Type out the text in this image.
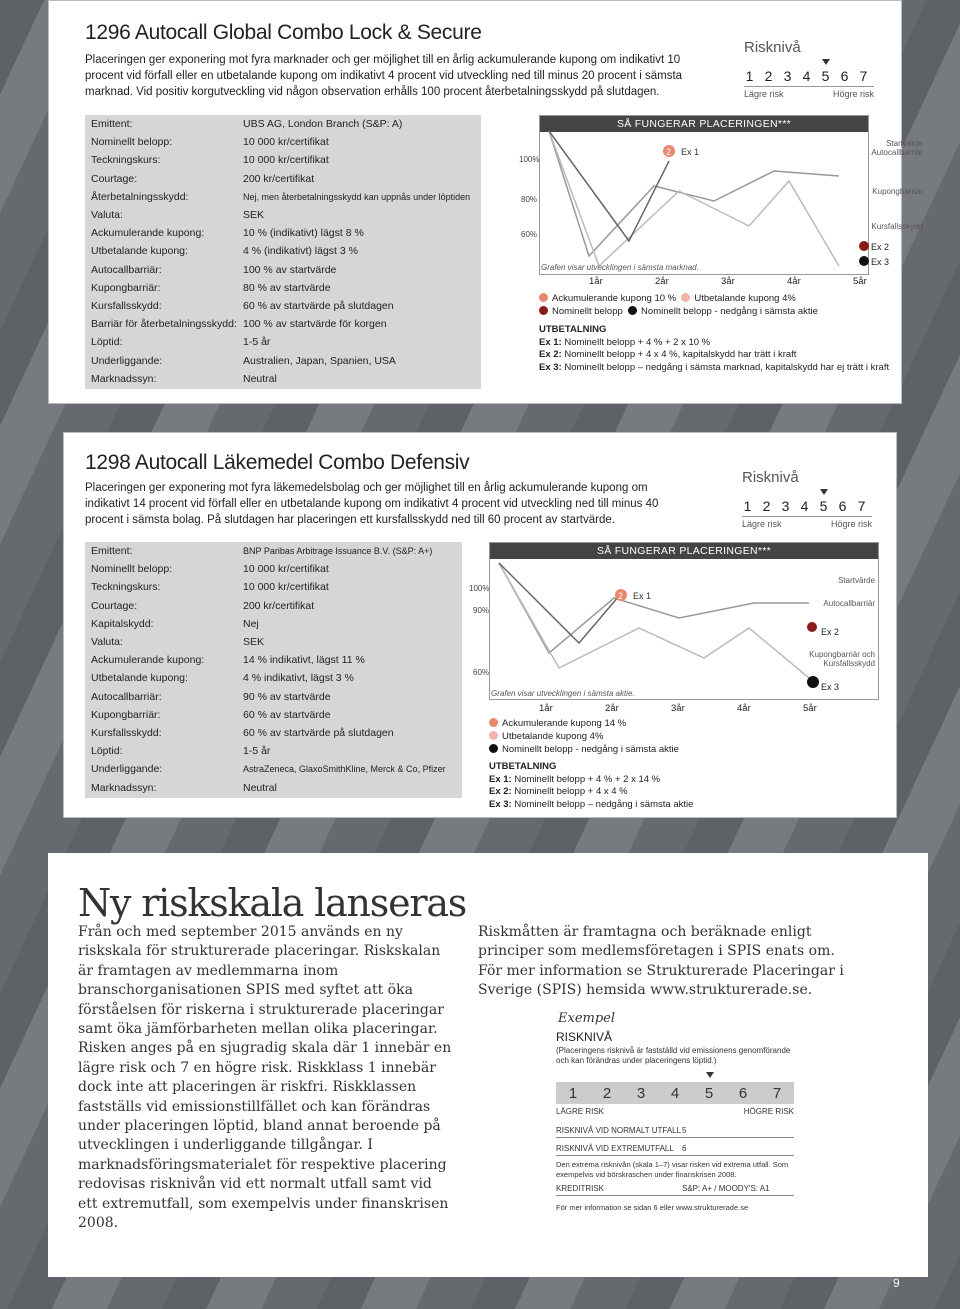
1296 Autocall Global Combo Lock & Secure
Placeringen ger exponering mot fyra marknader och ger möjlighet till en årlig ackumulerande kupong om indikativt 10 procent vid förfall eller en utbetalande kupong om indikativt 4 procent vid utveckling ned till minus 20 procent i sämsta marknad. Vid positiv korgutveckling vid någon observation erhålls 100 procent återbetalningsskydd på slutdagen.
Risknivå
1 2 3 4 5 6 7
Lägre risk	Högre risk
Emittent:	UBS AG, London Branch (S&P: A)
Nominellt belopp:	10 000 kr/certifikat
Teckningskurs:	10 000 kr/certifikat
Courtage:	200 kr/certifikat
Återbetalningsskydd:	Nej, men återbetalningsskydd kan uppnås under löptiden
Valuta:	SEK
Ackumulerande kupong:	10 % (indikativt) lägst 8 %
Utbetalande kupong:	4 % (indikativt) lägst 3 %
Autocallbarriär:	100 % av startvärde
Kupongbarriär:	80 % av startvärde
Kursfallsskydd:	60 % av startvärde på slutdagen
Barriär för återbetalningsskydd: 100 % av startvärde för korgen
Löptid:	1-5 år
Underliggande:	Australien, Japan, Spanien, USA
Marknadssyn:	Neutral
SÅ FUNGERAR PLACERINGEN***
100%
80%
60%
2 Ex 1
Startvärde
Autocallbarriär
Kupongbarriär
Kursfallsskydd
Ex 2
Ex 3
Grafen visar utvecklingen i sämsta marknad.
1år	2år	3år	4år	5år
Ackumulerande kupong 10 % Utbetalande kupong 4%
Nominellt belopp Nominellt belopp - nedgång i sämsta aktie
UTBETALNING
Ex 1: Nominellt belopp + 4 % + 2 x 10 %
Ex 2: Nominellt belopp + 4 x 4 %, kapitalskydd har trätt i kraft
Ex 3: Nominellt belopp – nedgång i sämsta marknad, kapitalskydd har ej trätt i kraft
1298 Autocall Läkemedel Combo Defensiv
Placeringen ger exponering mot fyra läkemedelsbolag och ger möjlighet till en årlig ackumulerande kupong om indikativt 14 procent vid förfall eller en utbetalande kupong om indikativt 4 procent vid utveckling ned till minus 40 procent i sämsta bolag. På slutdagen har placeringen ett kursfallsskydd ned till 60 procent av startvärde.
Risknivå
1 2 3 4 5 6 7
Lägre risk	Högre risk
Emittent:	BNP Paribas Arbitrage Issuance B.V. (S&P: A+)
Nominellt belopp:	10 000 kr/certifikat
Teckningskurs:	10 000 kr/certifikat
Courtage:	200 kr/certifikat
Kapitalskydd:	Nej
Valuta:	SEK
Ackumulerande kupong:	14 % indikativt, lägst 11 %
Utbetalande kupong:	4 % indikativt, lägst 3 %
Autocallbarriär:	90 % av startvärde
Kupongbarriär:	60 % av startvärde
Kursfallsskydd:	60 % av startvärde på slutdagen
Löptid:	1-5 år
Underliggande:	AstraZeneca, GlaxoSmithKline, Merck & Co, Pfizer
Marknadssyn:	Neutral
SÅ FUNGERAR PLACERINGEN***
100%
90%
60%
2 Ex 1
Startvärde
Autocallbarriär
Kupongbarriär och Kursfallsskydd
Ex 2
Ex 3
Grafen visar utvecklingen i sämsta aktie.
1år	2år	3år	4år	5år
Ackumulerande kupong 14 %
Utbetalande kupong 4%
Nominellt belopp - nedgång i sämsta aktie
UTBETALNING
Ex 1: Nominellt belopp + 4 % + 2 x 14 %
Ex 2: Nominellt belopp + 4 x 4 %
Ex 3: Nominellt belopp – nedgång i sämsta aktie
Ny riskskala lanseras
Från och med september 2015 används en ny riskskala för strukturerade placeringar. Riskskalan är framtagen av medlemmarna inom branschorganisationen SPIS med syftet att öka förståelsen för riskerna i strukturerade placeringar samt öka jämförbarheten mellan olika placeringar. Risken anges på en sjugradig skala där 1 innebär en lägre risk och 7 en högre risk. Riskklass 1 innebär dock inte att placeringen är riskfri. Riskklassen fastställs vid emissionstillfället och kan förändras under placeringen löptid, bland annat beroende på utvecklingen i underliggande tillgångar. I marknadsföringsmaterialet för respektive placering redovisas risknivån vid ett normalt utfall samt vid ett extremutfall, som exempelvis under finanskrisen 2008.
Riskmåtten är framtagna och beräknade enligt principer som medlemsföretagen i SPIS enats om. För mer information se Strukturerade Placeringar i Sverige (SPIS) hemsida www.strukturerade.se.
Exempel
RISKNIVÅ
(Placeringens risknivå är fastställd vid emissionens genomförande och kan förändras under placeringens löptid.)
1	2	3	4	5	6	7
LÄGRE RISK	HÖGRE RISK
RISKNIVÅ VID NORMALT UTFALL5
RISKNIVÅ VID EXTREMUTFALL 6
Den extrema risknivån (skala 1–7) visar risken vid extrema utfall. Som exempelvis vid börskraschen under finanskrisen 2008.
KREDITRISK	S&P: A+ / MOODY'S: A1
För mer information se sidan 6 eller www.strukturerade.se
9
